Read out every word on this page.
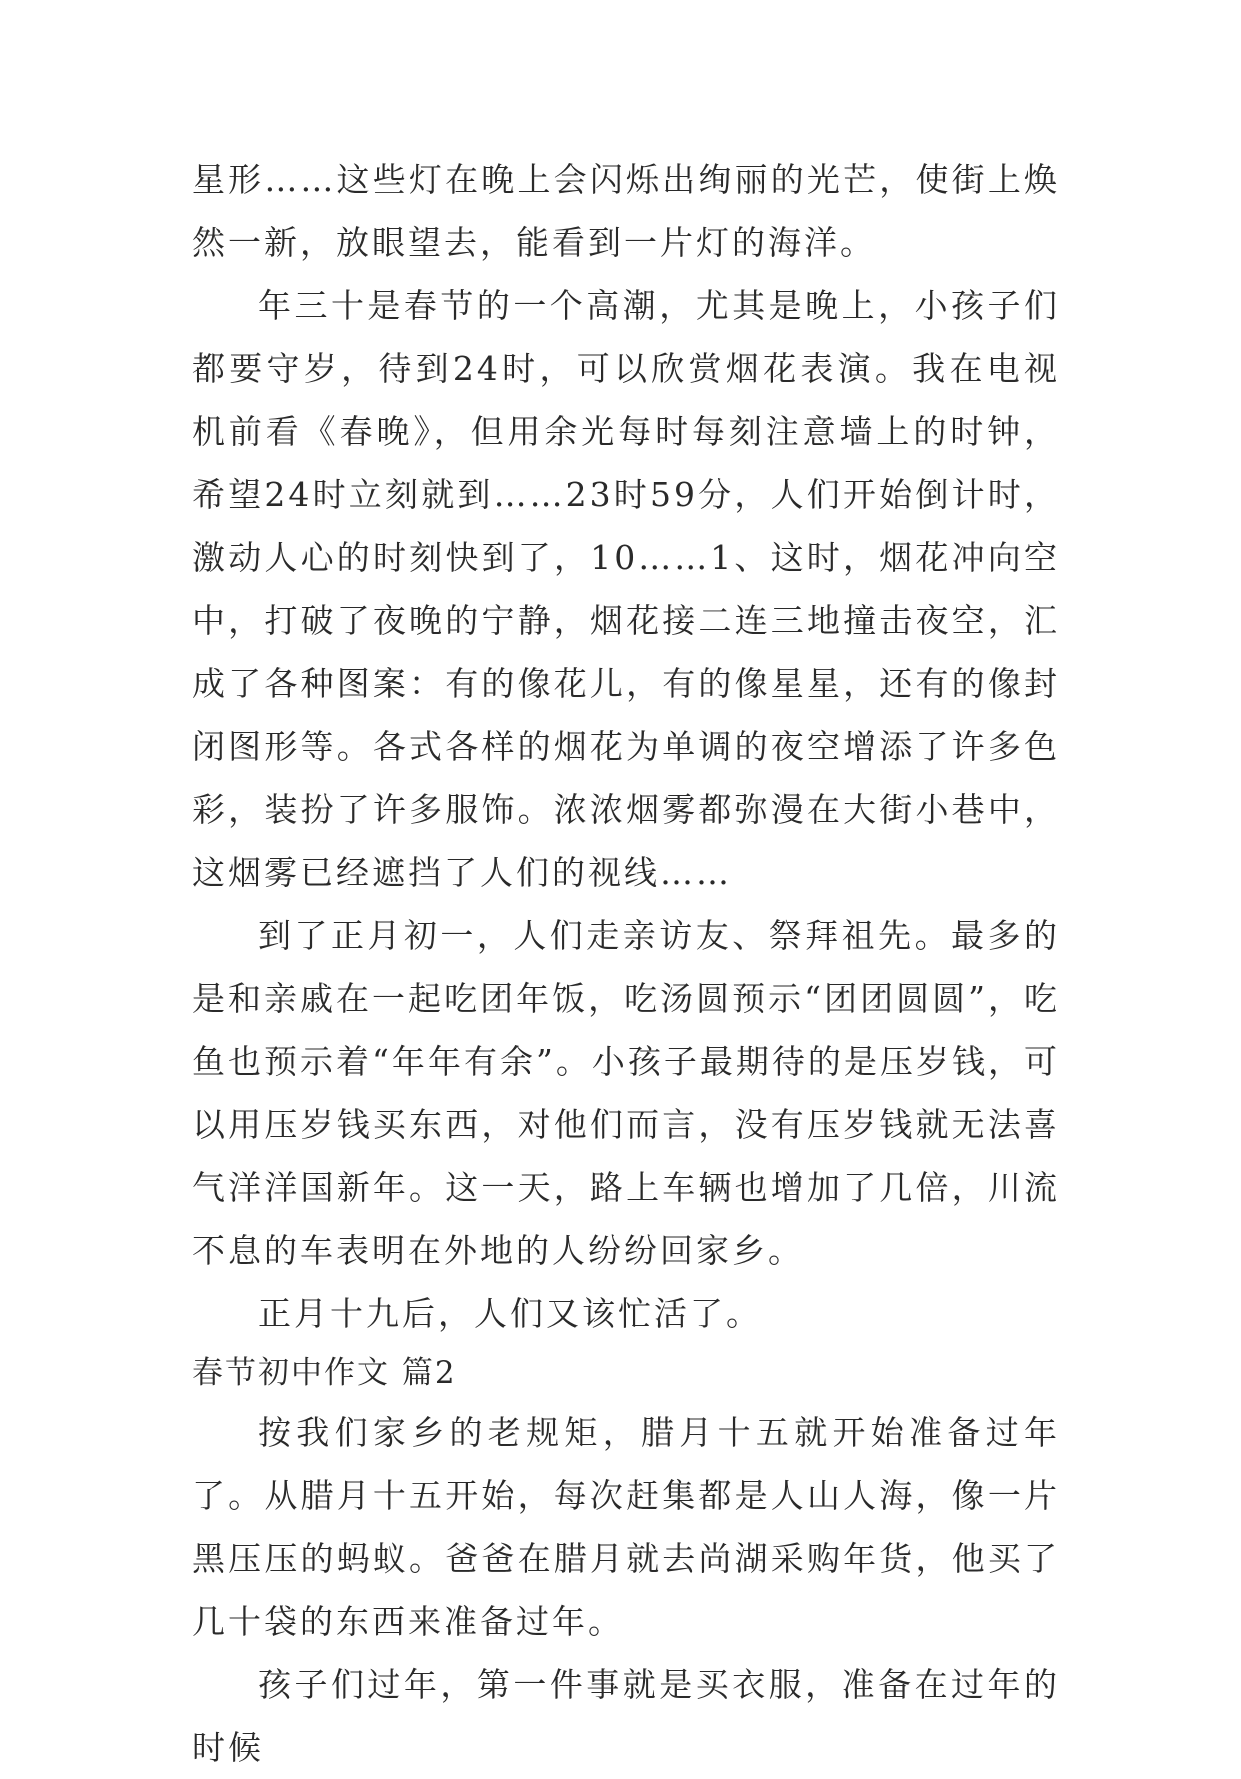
星形……这些灯在晚上会闪烁出绚丽的光芒，使街上焕然一新，放眼望去，能看到一片灯的海洋。

年三十是春节的一个高潮，尤其是晚上，小孩子们都要守岁，待到24时，可以欣赏烟花表演。我在电视机前看《春晚》，但用余光每时每刻注意墙上的时钟，希望24时立刻就到……23时59分，人们开始倒计时，激动人心的时刻快到了，10……1、这时，烟花冲向空中，打破了夜晚的宁静，烟花接二连三地撞击夜空，汇成了各种图案：有的像花儿，有的像星星，还有的像封闭图形等。各式各样的烟花为单调的夜空增添了许多色彩，装扮了许多服饰。浓浓烟雾都弥漫在大街小巷中，这烟雾已经遮挡了人们的视线……

到了正月初一，人们走亲访友、祭拜祖先。最多的是和亲戚在一起吃团年饭，吃汤圆预示“团团圆圆”，吃鱼也预示着“年年有余”。小孩子最期待的是压岁钱，可以用压岁钱买东西，对他们而言，没有压岁钱就无法喜气洋洋国新年。这一天，路上车辆也增加了几倍，川流不息的车表明在外地的人纷纷回家乡。

正月十九后，人们又该忙活了。

春节初中作文 篇2

按我们家乡的老规矩，腊月十五就开始准备过年了。从腊月十五开始，每次赶集都是人山人海，像一片黑压压的蚂蚁。爸爸在腊月就去尚湖采购年货，他买了几十袋的东西来准备过年。

孩子们过年，第一件事就是买衣服，准备在过年的时候
